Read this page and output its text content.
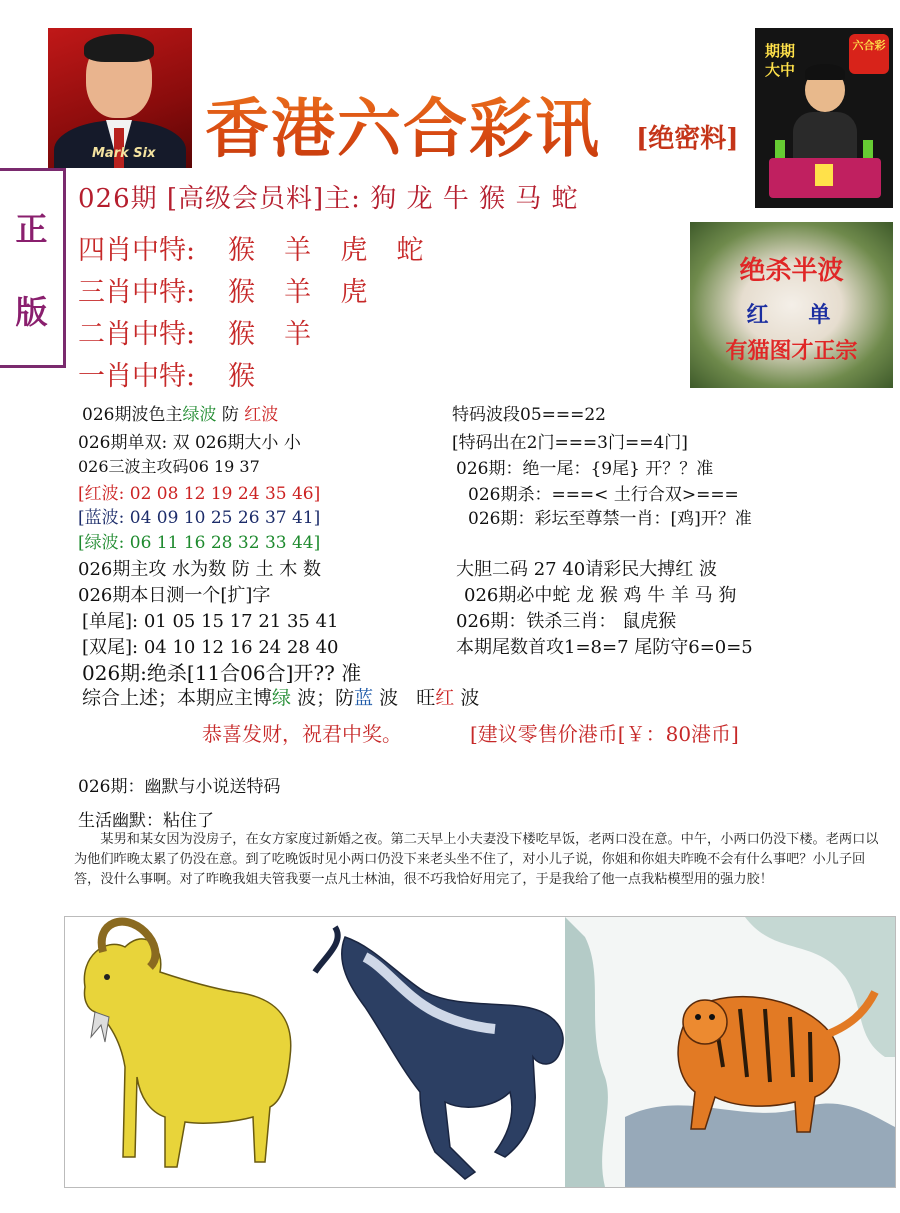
Mark Six 香港六合彩讯 [绝密料]
期期大中
六合彩
正
版
026期 [高级会员料]主: 狗 龙 牛 猴 马 蛇
四肖中特: 猴  羊  虎  蛇
三肖中特: 猴  羊  虎
二肖中特: 猴  羊
一肖中特: 猴
绝杀半波
红单
有猫图才正宗
026期波色主绿波 防 红波
026期单双: 双 026期大小 小
026三波主攻码06 19 37
[红波: 02 08 12 19 24 35 46]
[蓝波: 04 09 10 25 26 37 41]
[绿波: 06 11 16 28 32 33 44]
026期主攻 水为数 防 土 木 数
026期本日测一个[扩]字
[单尾]: 01 05 15 17 21 35 41
[双尾]: 04 10 12 16 24 28 40
026期:绝杀[11合06合]开?? 准
综合上述；本期应主博绿 波；防蓝 波   旺红 波
特码波段05===22
[特码出在2门===3门==4门]
026期：绝一尾：{9尾} 开？？准
026期杀：===< 土行合双>===
026期：彩坛至尊禁一肖：[鸡]开？准
大胆二码 27 40请彩民大搏红 波
026期必中蛇 龙 猴 鸡 牛 羊 马 狗
026期：铁杀三肖： 鼠虎猴
本期尾数首攻1=8=7 尾防守6=0=5
恭喜发财，祝君中奖。	[建议零售价港币[￥：80港币]
026期：幽默与小说送特码
生活幽默：粘住了
某男和某女因为没房子，在女方家度过新婚之夜。第二天早上小夫妻没下楼吃早饭，老两口没在意。中午，小两口仍没下楼。老两口以为他们昨晚太累了仍没在意。到了吃晚饭时见小两口仍没下来老头坐不住了，对小儿子说，你姐和你姐夫昨晚不会有什么事吧？小儿子回答，没什么事啊。对了昨晚我姐夫管我要一点凡士林油，很不巧我恰好用完了，于是我给了他一点我粘模型用的强力胶！
